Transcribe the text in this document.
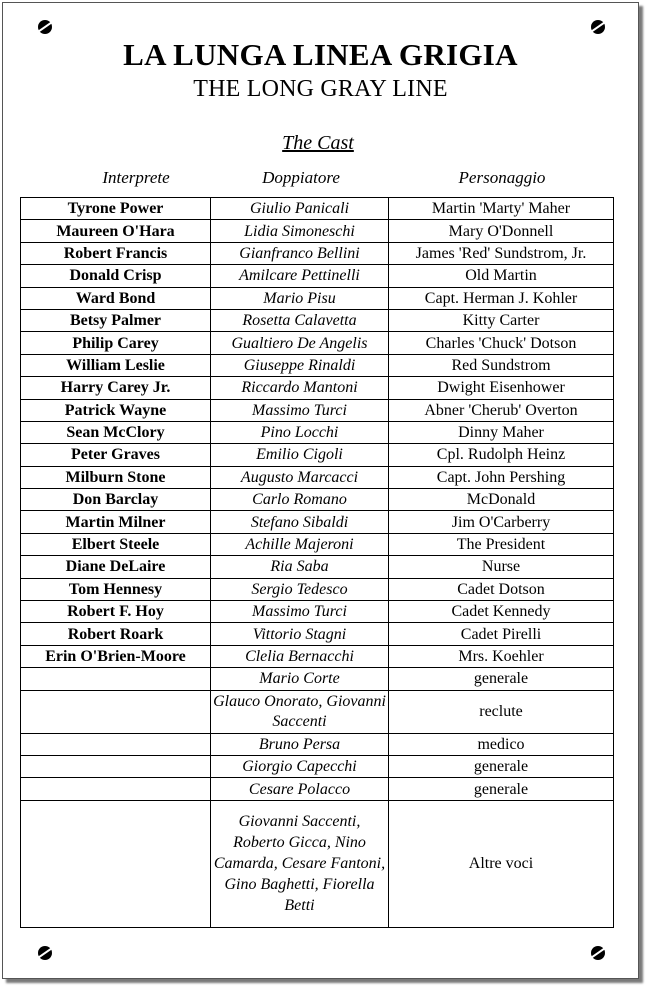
LA LUNGA LINEA GRIGIA
THE LONG GRAY LINE
The Cast
Interprete	Doppiatore	Personaggio
Tyrone Power	Giulio Panicali	Martin 'Marty' Maher
Maureen O'Hara	Lidia Simoneschi	Mary O'Donnell
Robert Francis	Gianfranco Bellini	James 'Red' Sundstrom, Jr.
Donald Crisp	Amilcare Pettinelli	Old Martin
Ward Bond	Mario Pisu	Capt. Herman J. Kohler
Betsy Palmer	Rosetta Calavetta	Kitty Carter
Philip Carey	Gualtiero De Angelis	Charles 'Chuck' Dotson
William Leslie	Giuseppe Rinaldi	Red Sundstrom
Harry Carey Jr.	Riccardo Mantoni	Dwight Eisenhower
Patrick Wayne	Massimo Turci	Abner 'Cherub' Overton
Sean McClory	Pino Locchi	Dinny Maher
Peter Graves	Emilio Cigoli	Cpl. Rudolph Heinz
Milburn Stone	Augusto Marcacci	Capt. John Pershing
Don Barclay	Carlo Romano	McDonald
Martin Milner	Stefano Sibaldi	Jim O'Carberry
Elbert Steele	Achille Majeroni	The President
Diane DeLaire	Ria Saba	Nurse
Tom Hennesy	Sergio Tedesco	Cadet Dotson
Robert F. Hoy	Massimo Turci	Cadet Kennedy
Robert Roark	Vittorio Stagni	Cadet Pirelli
Erin O'Brien-Moore	Clelia Bernacchi	Mrs. Koehler
	Mario Corte	generale
	Glauco Onorato, Giovanni Saccenti	reclute
	Bruno Persa	medico
	Giorgio Capecchi	generale
	Cesare Polacco	generale
	Giovanni Saccenti, Roberto Gicca, Nino Camarda, Cesare Fantoni, Gino Baghetti, Fiorella Betti	Altre voci
